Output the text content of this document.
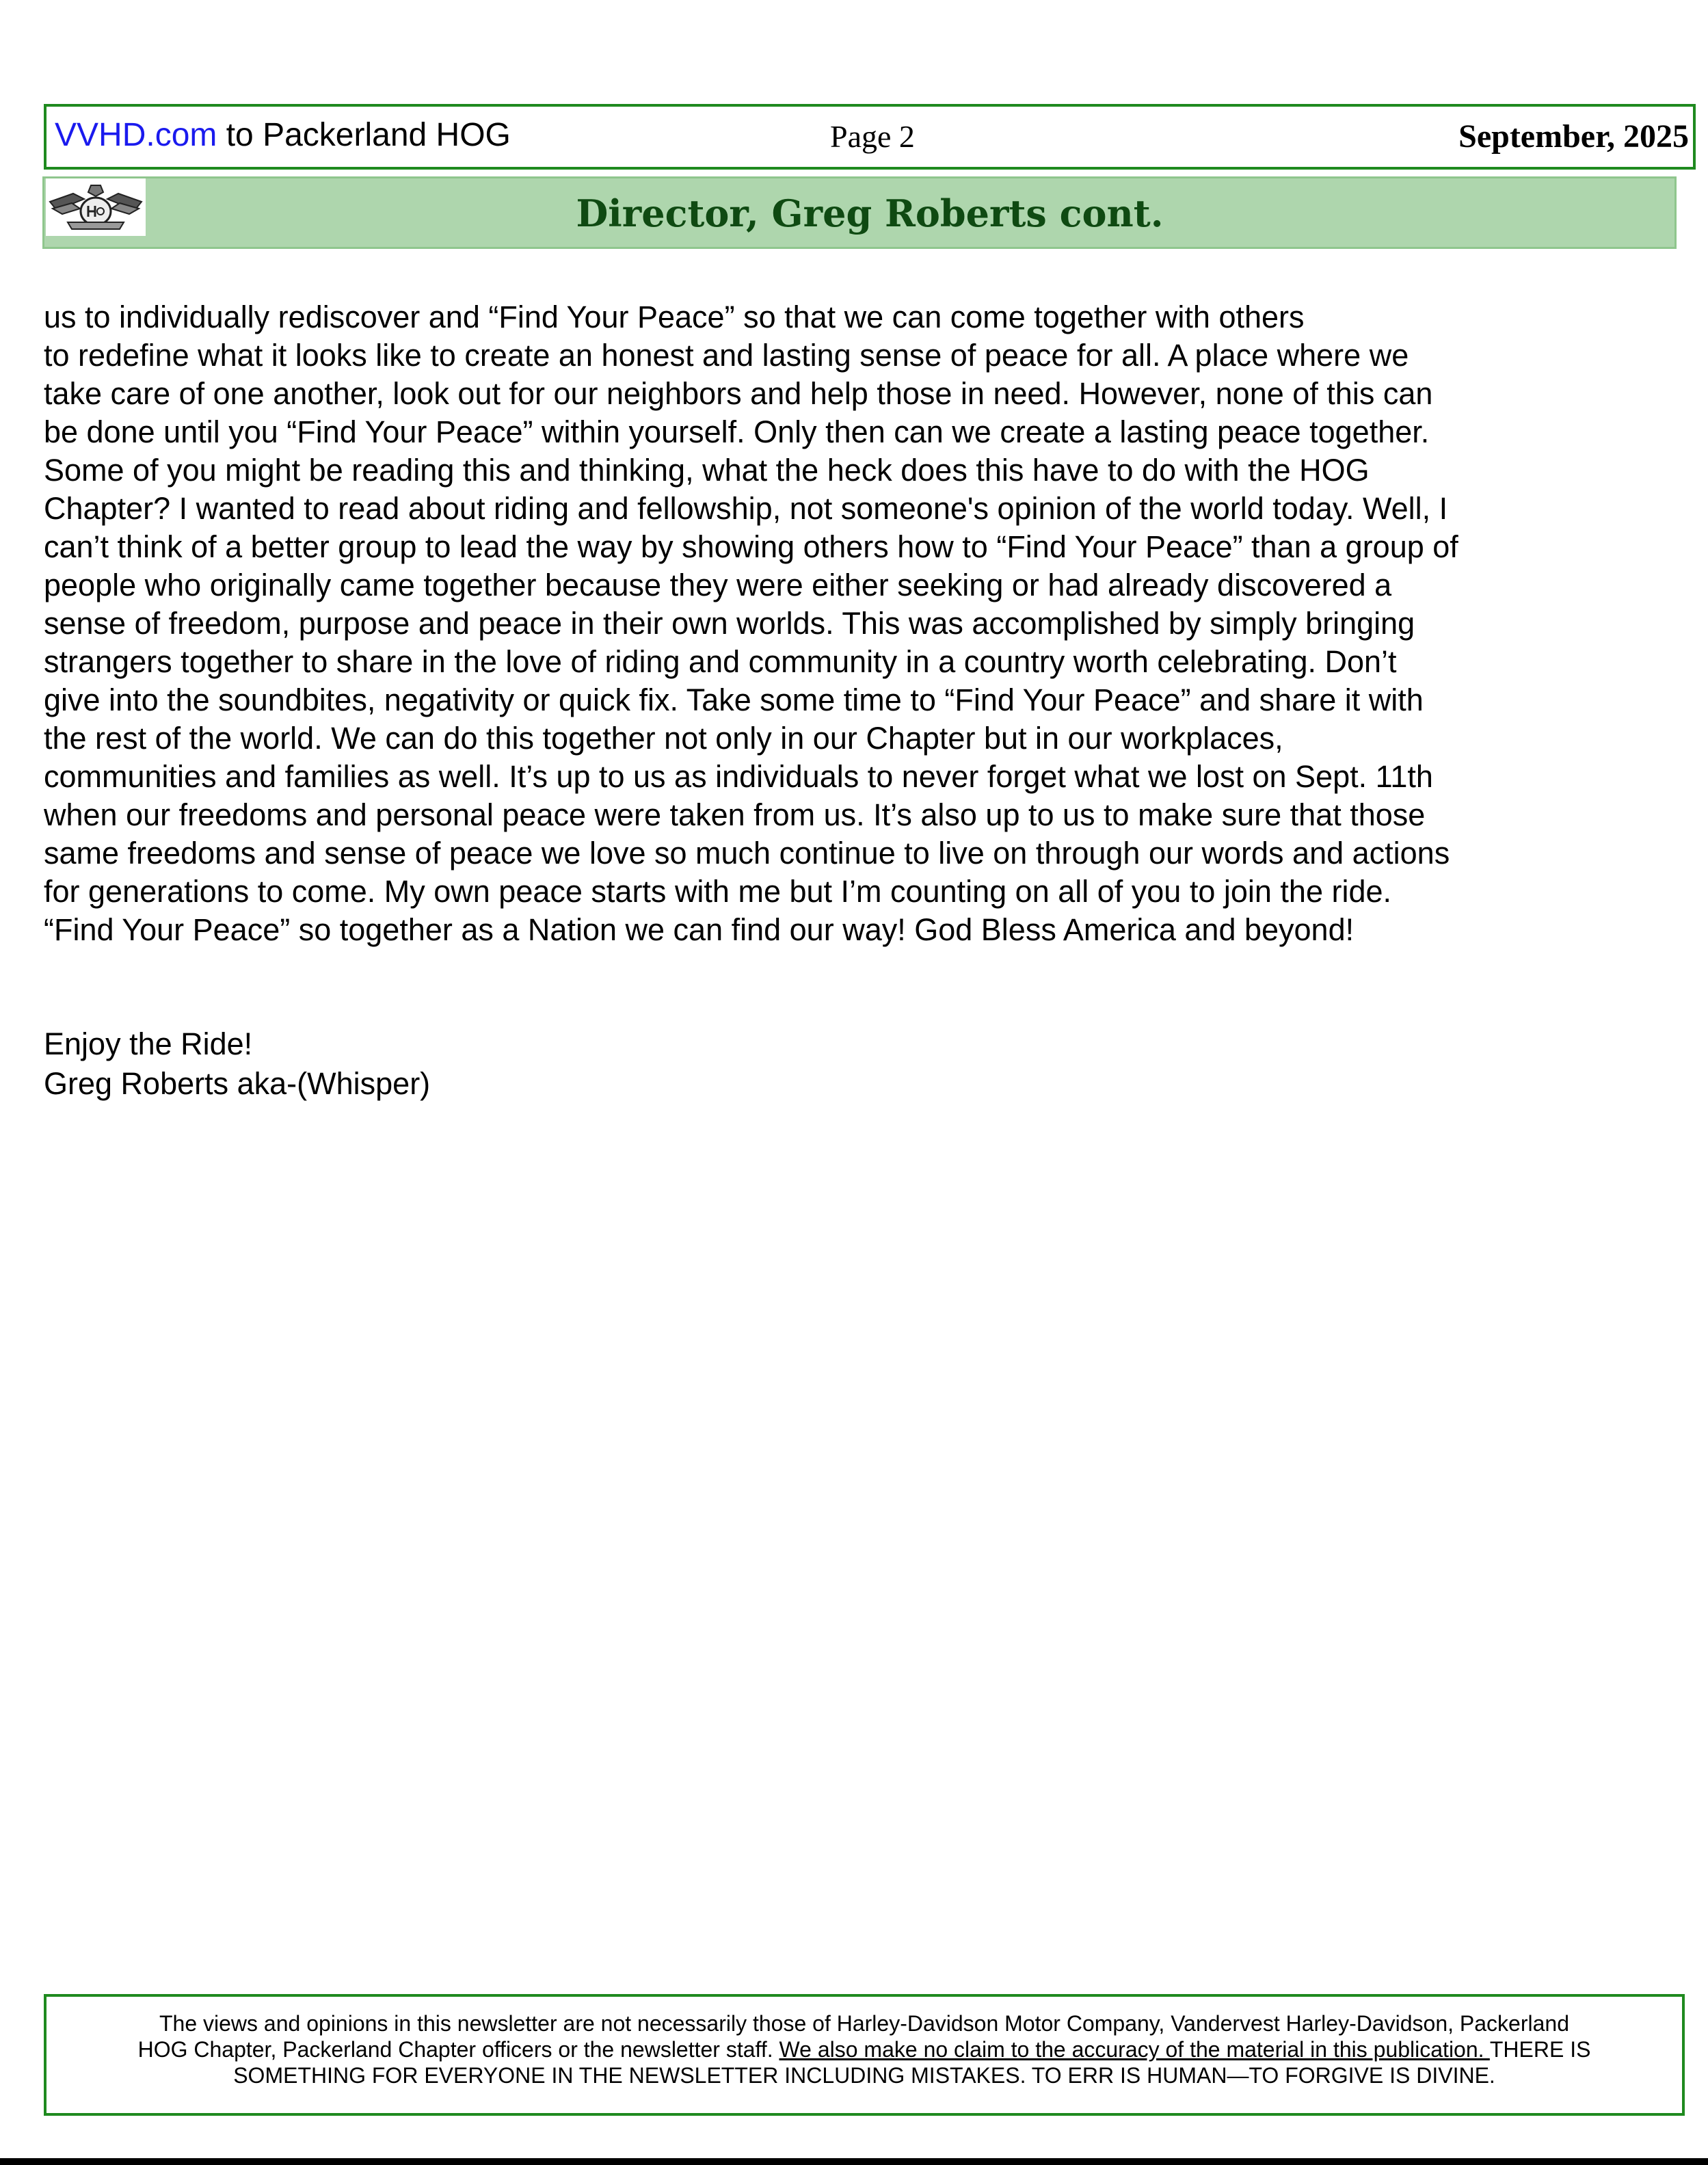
VVHD.com to Packerland HOG	Page 2	September, 2025
Director, Greg Roberts cont.

us to individually rediscover and “Find Your Peace” so that we can come together with others

to redefine what it looks like to create an honest and lasting sense of peace for all. A place where we

take care of one another, look out for our neighbors and help those in need. However, none of this can

be done until you “Find Your Peace” within yourself. Only then can we create a lasting peace together.

Some of you might be reading this and thinking, what the heck does this have to do with the HOG

Chapter? I wanted to read about riding and fellowship, not someone's opinion of the world today. Well, I

can’t think of a better group to lead the way by showing others how to “Find Your Peace” than a group of

people who originally came together because they were either seeking or had already discovered a

sense of freedom, purpose and peace in their own worlds. This was accomplished by simply bringing

strangers together to share in the love of riding and community in a country worth celebrating. Don’t

give into the soundbites, negativity or quick fix. Take some time to “Find Your Peace” and share it with

the rest of the world. We can do this together not only in our Chapter but in our workplaces,

communities and families as well. It’s up to us as individuals to never forget what we lost on Sept. 11th

when our freedoms and personal peace were taken from us. It’s also up to us to make sure that those

same freedoms and sense of peace we love so much continue to live on through our words and actions

for generations to come. My own peace starts with me but I’m counting on all of you to join the ride.

“Find Your Peace” so together as a Nation we can find our way! God Bless America and beyond!

Enjoy the Ride!

Greg Roberts aka-(Whisper)

The views and opinions in this newsletter are not necessarily those of Harley-Davidson Motor Company, Vandervest Harley-Davidson, Packerland

HOG Chapter, Packerland Chapter officers or the newsletter staff. We also make no claim to the accuracy of the material in this publication. THERE IS

SOMETHING FOR EVERYONE IN THE NEWSLETTER INCLUDING MISTAKES. TO ERR IS HUMAN—TO FORGIVE IS DIVINE.
